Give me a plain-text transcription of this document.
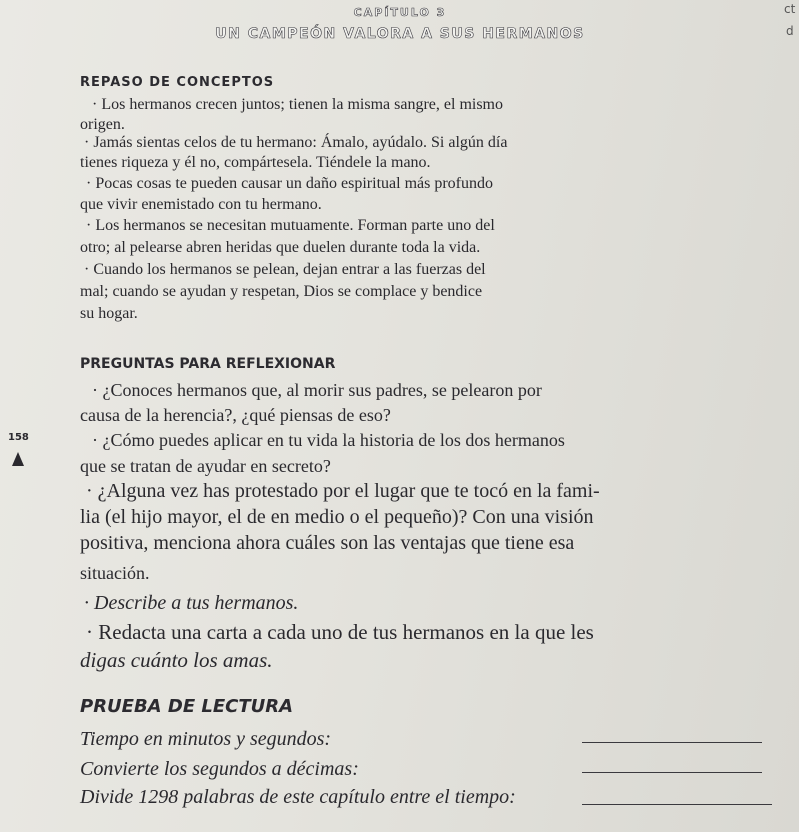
CAPÍTULO 3
UN CAMPEÓN VALORA A SUS HERMANOS
ct
d
REPASO DE CONCEPTOS
· Los hermanos crecen juntos; tienen la misma sangre, el mismo
origen.
· Jamás sientas celos de tu hermano: Ámalo, ayúdalo. Si algún día
tienes riqueza y él no, compártesela. Tiéndele la mano.
· Pocas cosas te pueden causar un daño espiritual más profundo
que vivir enemistado con tu hermano.
· Los hermanos se necesitan mutuamente. Forman parte uno del
otro; al pelearse abren heridas que duelen durante toda la vida.
· Cuando los hermanos se pelean, dejan entrar a las fuerzas del
mal; cuando se ayudan y respetan, Dios se complace y bendice
su hogar.
PREGUNTAS PARA REFLEXIONAR
· ¿Conoces hermanos que, al morir sus padres, se pelearon por
causa de la herencia?, ¿qué piensas de eso?
· ¿Cómo puedes aplicar en tu vida la historia de los dos hermanos
que se tratan de ayudar en secreto?
· ¿Alguna vez has protestado por el lugar que te tocó en la fami-
lia (el hijo mayor, el de en medio o el pequeño)? Con una visión
positiva, menciona ahora cuáles son las ventajas que tiene esa
situación.
· Describe a tus hermanos.
· Redacta una carta a cada uno de tus hermanos en la que les
digas cuánto los amas.
PRUEBA DE LECTURA
Tiempo en minutos y segundos:
Convierte los segundos a décimas:
Divide 1298 palabras de este capítulo entre el tiempo:
158
